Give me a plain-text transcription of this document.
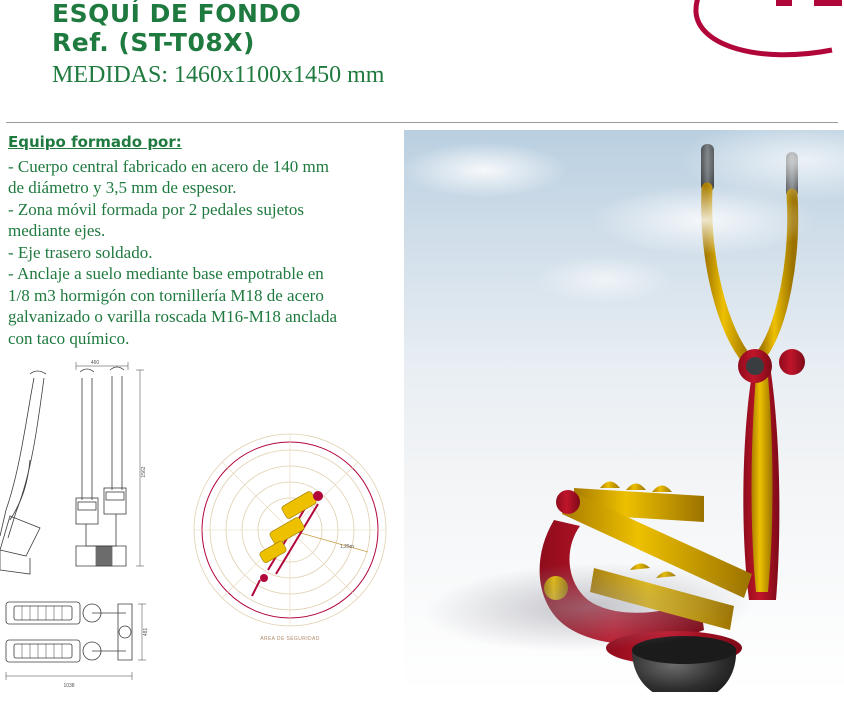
ESQUÍ DE FONDO
Ref. (ST-T08X)
MEDIDAS: 1460x1100x1450 mm
Equipo formado por:
- Cuerpo central fabricado en acero de 140 mm
de diámetro y 3,5 mm de espesor.
- Zona móvil formada por 2 pedales sujetos
mediante ejes.
- Eje trasero soldado.
- Anclaje a suelo mediante base empotrable en
1/8 m3 hormigón con tornillería M18 de acero
galvanizado o varilla roscada M16-M18 anclada
con taco químico.
460
1562
481
1038
ÁREA DE SEGURIDAD
1,25m
